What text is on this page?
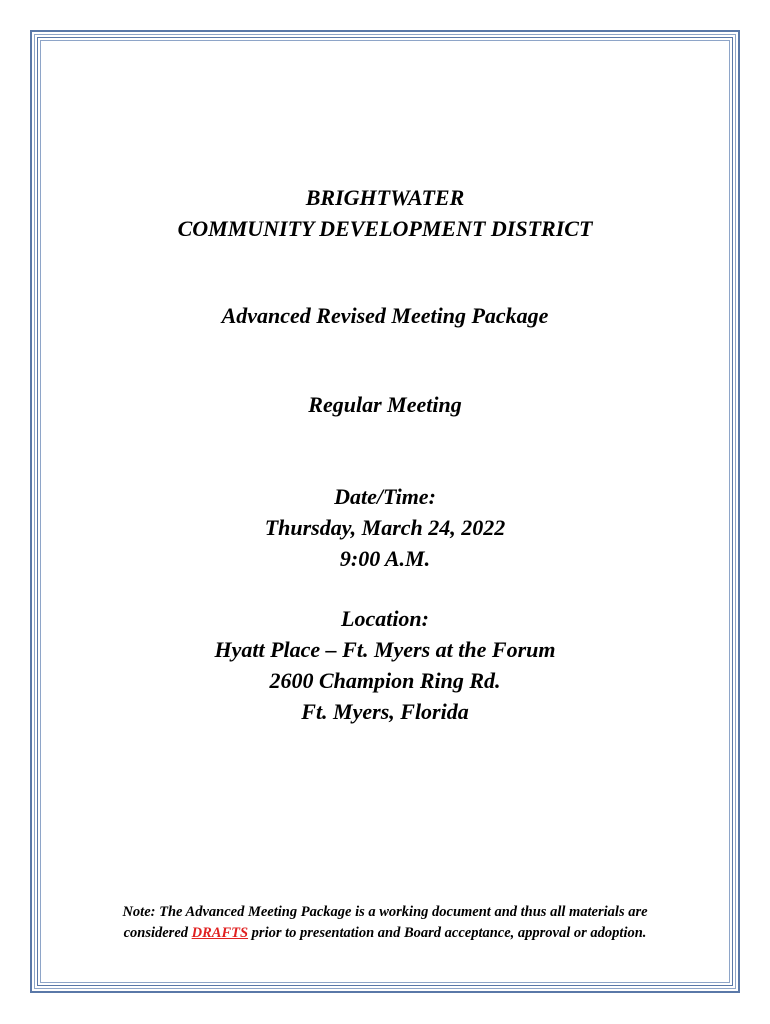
BRIGHTWATER
COMMUNITY DEVELOPMENT DISTRICT
Advanced Revised Meeting Package
Regular Meeting
Date/Time:
Thursday, March 24, 2022
9:00 A.M.
Location:
Hyatt Place – Ft. Myers at the Forum
2600 Champion Ring Rd.
Ft. Myers, Florida
Note: The Advanced Meeting Package is a working document and thus all materials are
considered DRAFTS prior to presentation and Board acceptance, approval or adoption.
